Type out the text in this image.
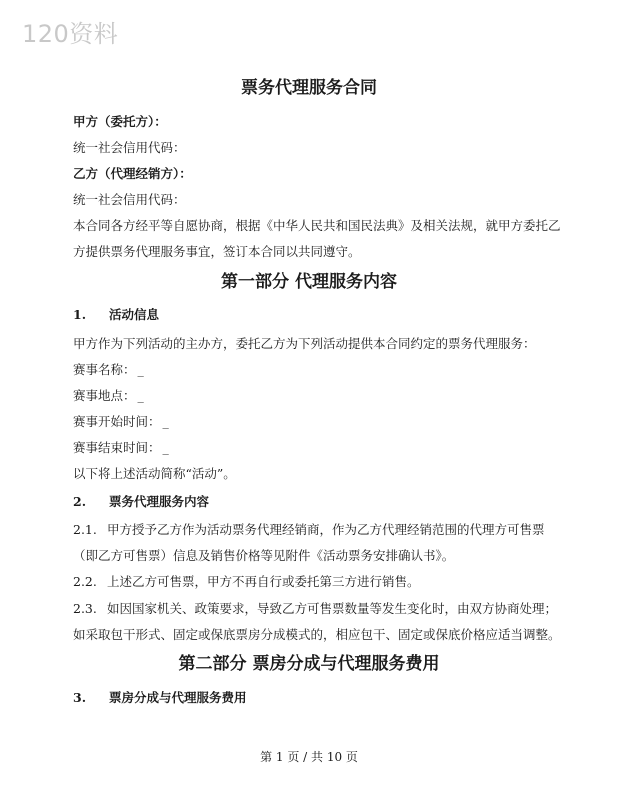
120资料
票务代理服务合同
甲方（委托方）：
统一社会信用代码：
乙方（代理经销方）：
统一社会信用代码：
本合同各方经平等自愿协商，根据《中华人民共和国民法典》及相关法规，就甲方委托乙
方提供票务代理服务事宜，签订本合同以共同遵守。
第一部分 代理服务内容
1. 活动信息
甲方作为下列活动的主办方，委托乙方为下列活动提供本合同约定的票务代理服务：
赛事名称： _
赛事地点： _
赛事开始时间： _
赛事结束时间： _
以下将上述活动简称“活动”。
2. 票务代理服务内容
2.1. 甲方授予乙方作为活动票务代理经销商，作为乙方代理经销范围的代理方可售票
（即乙方可售票）信息及销售价格等见附件《活动票务安排确认书》。
2.2. 上述乙方可售票，甲方不再自行或委托第三方进行销售。
2.3. 如因国家机关、政策要求，导致乙方可售票数量等发生变化时，由双方协商处理；
如采取包干形式、固定或保底票房分成模式的，相应包干、固定或保底价格应适当调整。
第二部分 票房分成与代理服务费用
3. 票房分成与代理服务费用
第 1 页 / 共 10 页
